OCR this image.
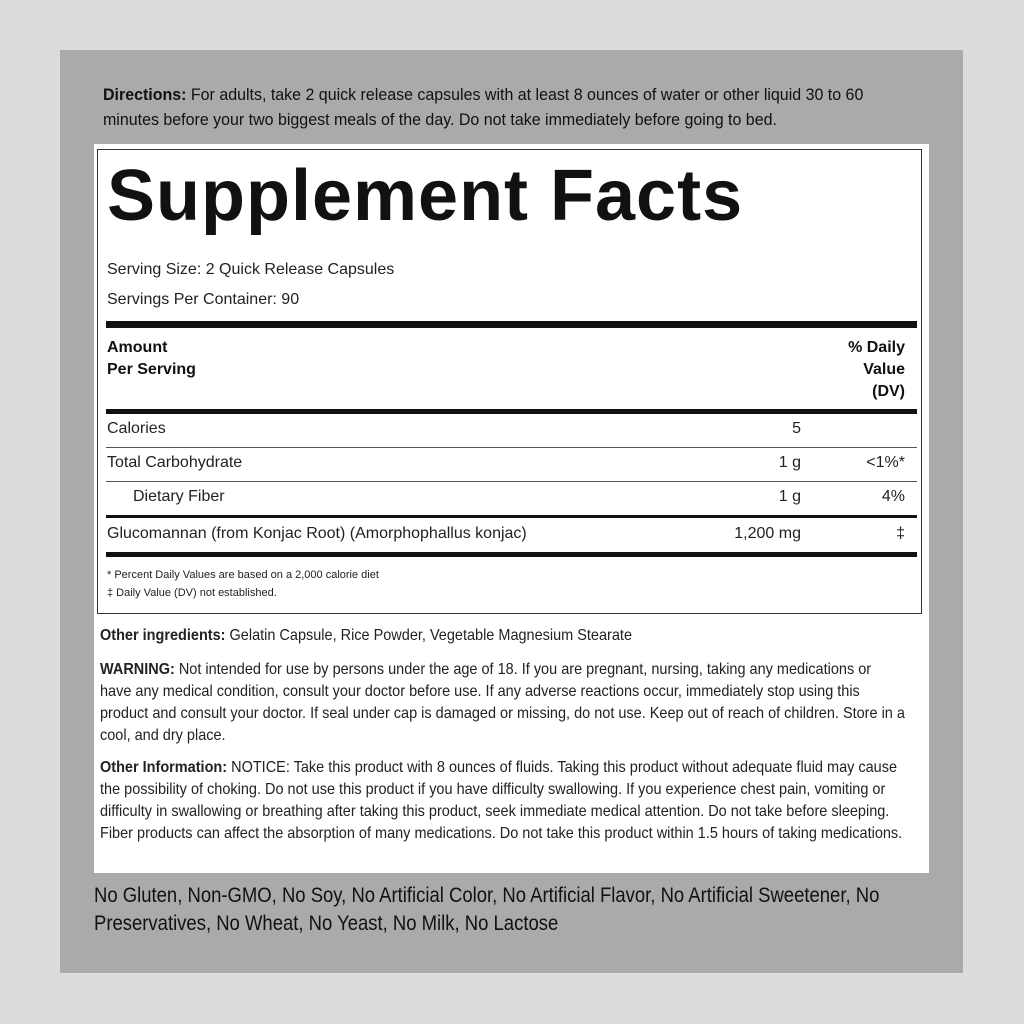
Directions: For adults, take 2 quick release capsules with at least 8 ounces of water or other liquid 30 to 60 minutes before your two biggest meals of the day. Do not take immediately before going to bed.
Supplement Facts
Serving Size: 2 Quick Release Capsules
Servings Per Container: 90
Amount
Per Serving
% Daily
Value
(DV)
Calories	5
Total Carbohydrate	1 g	<1%*
Dietary Fiber	1 g	4%
Glucomannan (from Konjac Root) (Amorphophallus konjac)	1,200 mg	‡
* Percent Daily Values are based on a 2,000 calorie diet
‡ Daily Value (DV) not established.
Other ingredients: Gelatin Capsule, Rice Powder, Vegetable Magnesium Stearate
WARNING: Not intended for use by persons under the age of 18. If you are pregnant, nursing, taking any medications or have any medical condition, consult your doctor before use. If any adverse reactions occur, immediately stop using this product and consult your doctor. If seal under cap is damaged or missing, do not use. Keep out of reach of children. Store in a cool, and dry place.
Other Information: NOTICE: Take this product with 8 ounces of fluids. Taking this product without adequate fluid may cause the possibility of choking. Do not use this product if you have difficulty swallowing. If you experience chest pain, vomiting or difficulty in swallowing or breathing after taking this product, seek immediate medical attention. Do not take before sleeping. Fiber products can affect the absorption of many medications. Do not take this product within 1.5 hours of taking medications.
No Gluten, Non-GMO, No Soy, No Artificial Color, No Artificial Flavor, No Artificial Sweetener, No Preservatives, No Wheat, No Yeast, No Milk, No Lactose
